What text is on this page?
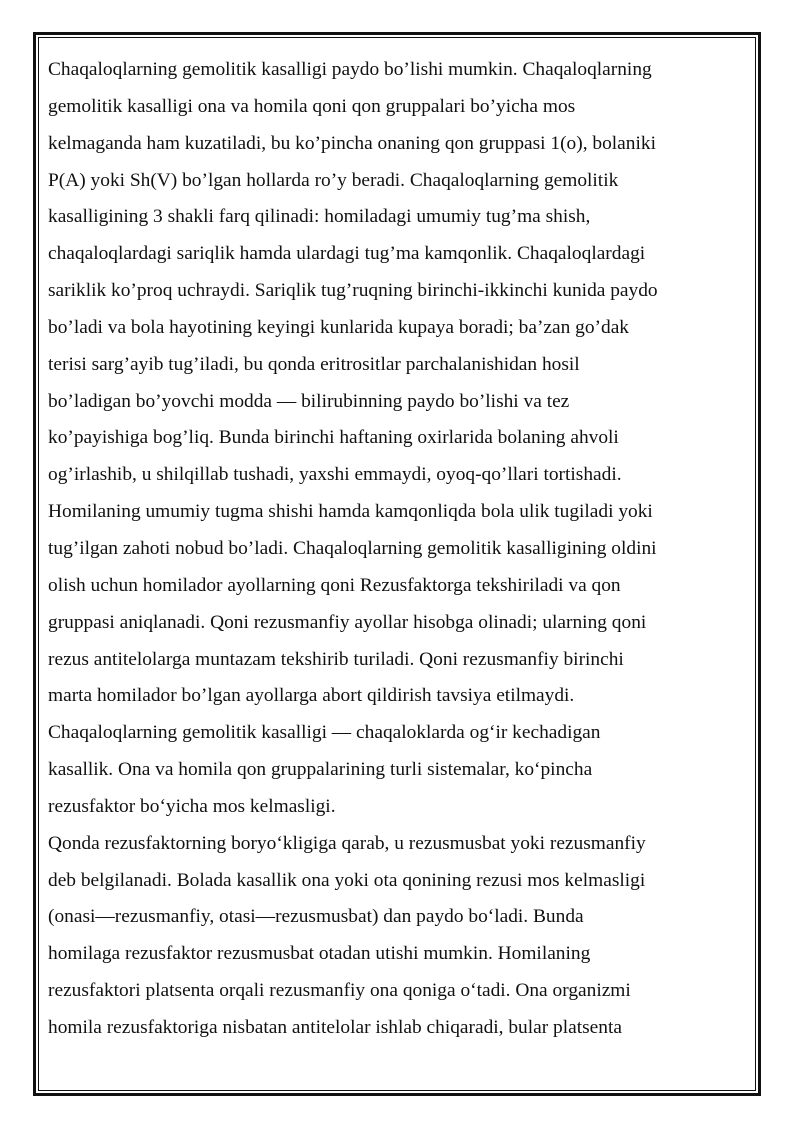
Chaqaloqlarning gemolitik kasalligi paydo bo’lishi mumkin. Chaqaloqlarning
gemolitik kasalligi ona va homila qoni qon gruppalari bo’yicha mos
kelmaganda ham kuzatiladi, bu ko’pincha onaning qon gruppasi 1(o), bolaniki
P(A) yoki Sh(V) bo’lgan hollarda ro’y beradi. Chaqaloqlarning gemolitik
kasalligining 3 shakli farq qilinadi: homiladagi umumiy tug’ma shish,
chaqaloqlardagi sariqlik hamda ulardagi tug’ma kamqonlik. Chaqaloqlardagi
sariklik ko’proq uchraydi. Sariqlik tug’ruqning birinchi-ikkinchi kunida paydo
bo’ladi va bola hayotining keyingi kunlarida kupaya boradi; ba’zan go’dak
terisi sarg’ayib tug’iladi, bu qonda eritrositlar parchalanishidan hosil
bo’ladigan bo’yovchi modda — bilirubinning paydo bo’lishi va tez
ko’payishiga bog’liq. Bunda birinchi haftaning oxirlarida bolaning ahvoli
og’irlashib, u shilqillab tushadi, yaxshi emmaydi, oyoq-qo’llari tortishadi.
Homilaning umumiy tugma shishi hamda kamqonliqda bola ulik tugiladi yoki
tug’ilgan zahoti nobud bo’ladi. Chaqaloqlarning gemolitik kasalligining oldini
olish uchun homilador ayollarning qoni Rezusfaktorga tekshiriladi va qon
gruppasi aniqlanadi. Qoni rezusmanfiy ayollar hisobga olinadi; ularning qoni
rezus antitelolarga muntazam tekshirib turiladi. Qoni rezusmanfiy birinchi
marta homilador bo’lgan ayollarga abort qildirish tavsiya etilmaydi.
Chaqaloqlarning gemolitik kasalligi — chaqaloklarda og‘ir kechadigan
kasallik. Ona va homila qon gruppalarining turli sistemalar, ko‘pincha
rezusfaktor bo‘yicha mos kelmasligi.
Qonda rezusfaktorning boryo‘kligiga qarab, u rezusmusbat yoki rezusmanfiy
deb belgilanadi. Bolada kasallik ona yoki ota qonining rezusi mos kelmasligi
(onasi—rezusmanfiy, otasi—rezusmusbat) dan paydo bo‘ladi. Bunda
homilaga rezusfaktor rezusmusbat otadan utishi mumkin. Homilaning
rezusfaktori platsenta orqali rezusmanfiy ona qoniga o‘tadi. Ona organizmi
homila rezusfaktoriga nisbatan antitelolar ishlab chiqaradi, bular platsenta
